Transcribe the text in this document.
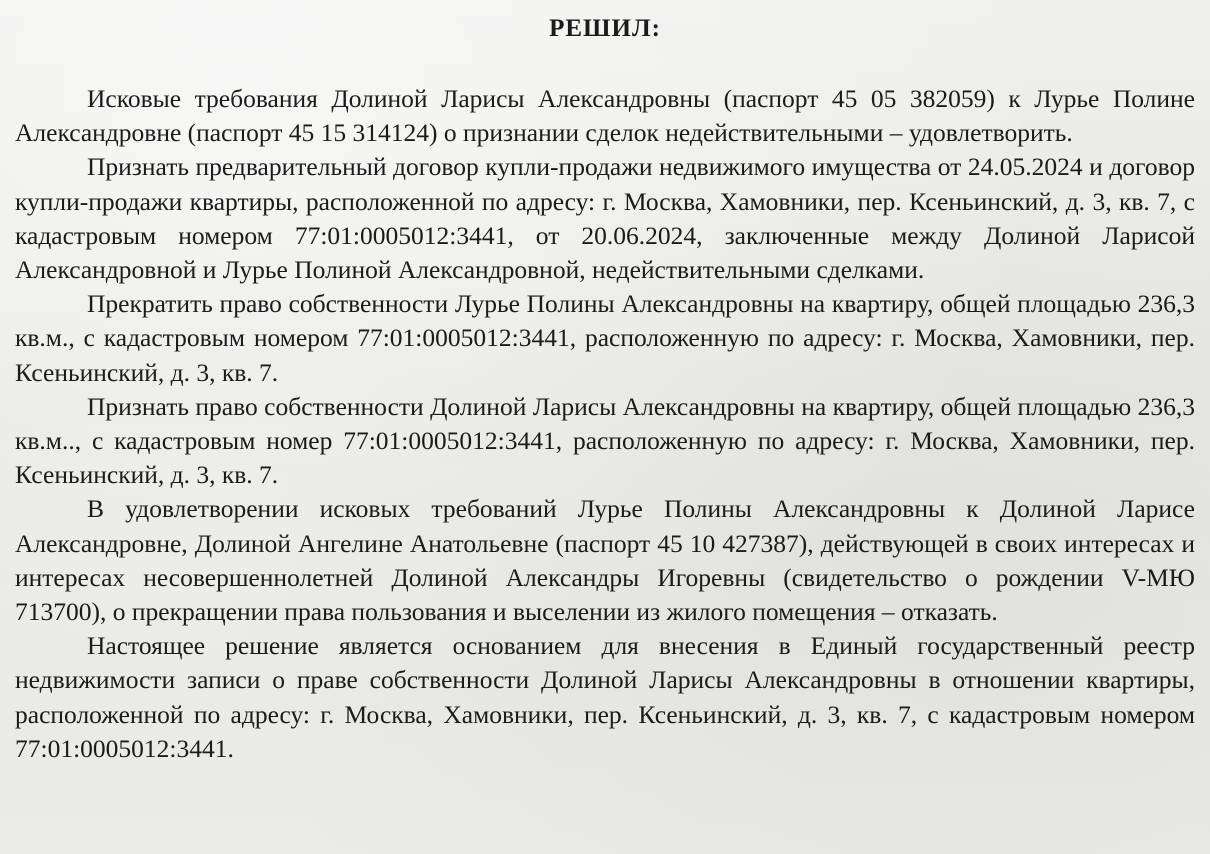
РЕШИЛ:

Исковые требования Долиной Ларисы Александровны (паспорт 45 05 382059) к Лурье Полине Александровне (паспорт 45 15 314124) о признании сделок недействительными – удовлетворить.

Признать предварительный договор купли-продажи недвижимого имущества от 24.05.2024 и договор купли-продажи квартиры, расположенной по адресу: г. Москва, Хамовники, пер. Ксеньинский, д. 3, кв. 7, с кадастровым номером 77:01:0005012:3441, от 20.06.2024, заключенные между Долиной Ларисой Александровной и Лурье Полиной Александровной, недействительными сделками.

Прекратить право собственности Лурье Полины Александровны на квартиру, общей площадью 236,3 кв.м., с кадастровым номером 77:01:0005012:3441, расположенную по адресу: г. Москва, Хамовники, пер. Ксеньинский, д. 3, кв. 7.

Признать право собственности Долиной Ларисы Александровны на квартиру, общей площадью 236,3 кв.м.., с кадастровым номер 77:01:0005012:3441, расположенную по адресу: г. Москва, Хамовники, пер. Ксеньинский, д. 3, кв. 7.

В удовлетворении исковых требований Лурье Полины Александровны к Долиной Ларисе Александровне, Долиной Ангелине Анатольевне (паспорт 45 10 427387), действующей в своих интересах и интересах несовершеннолетней Долиной Александры Игоревны (свидетельство о рождении V-МЮ 713700), о прекращении права пользования и выселении из жилого помещения – отказать.

Настоящее решение является основанием для внесения в Единый государственный реестр недвижимости записи о праве собственности Долиной Ларисы Александровны в отношении квартиры, расположенной по адресу: г. Москва, Хамовники, пер. Ксеньинский, д. 3, кв. 7, с кадастровым номером 77:01:0005012:3441.
